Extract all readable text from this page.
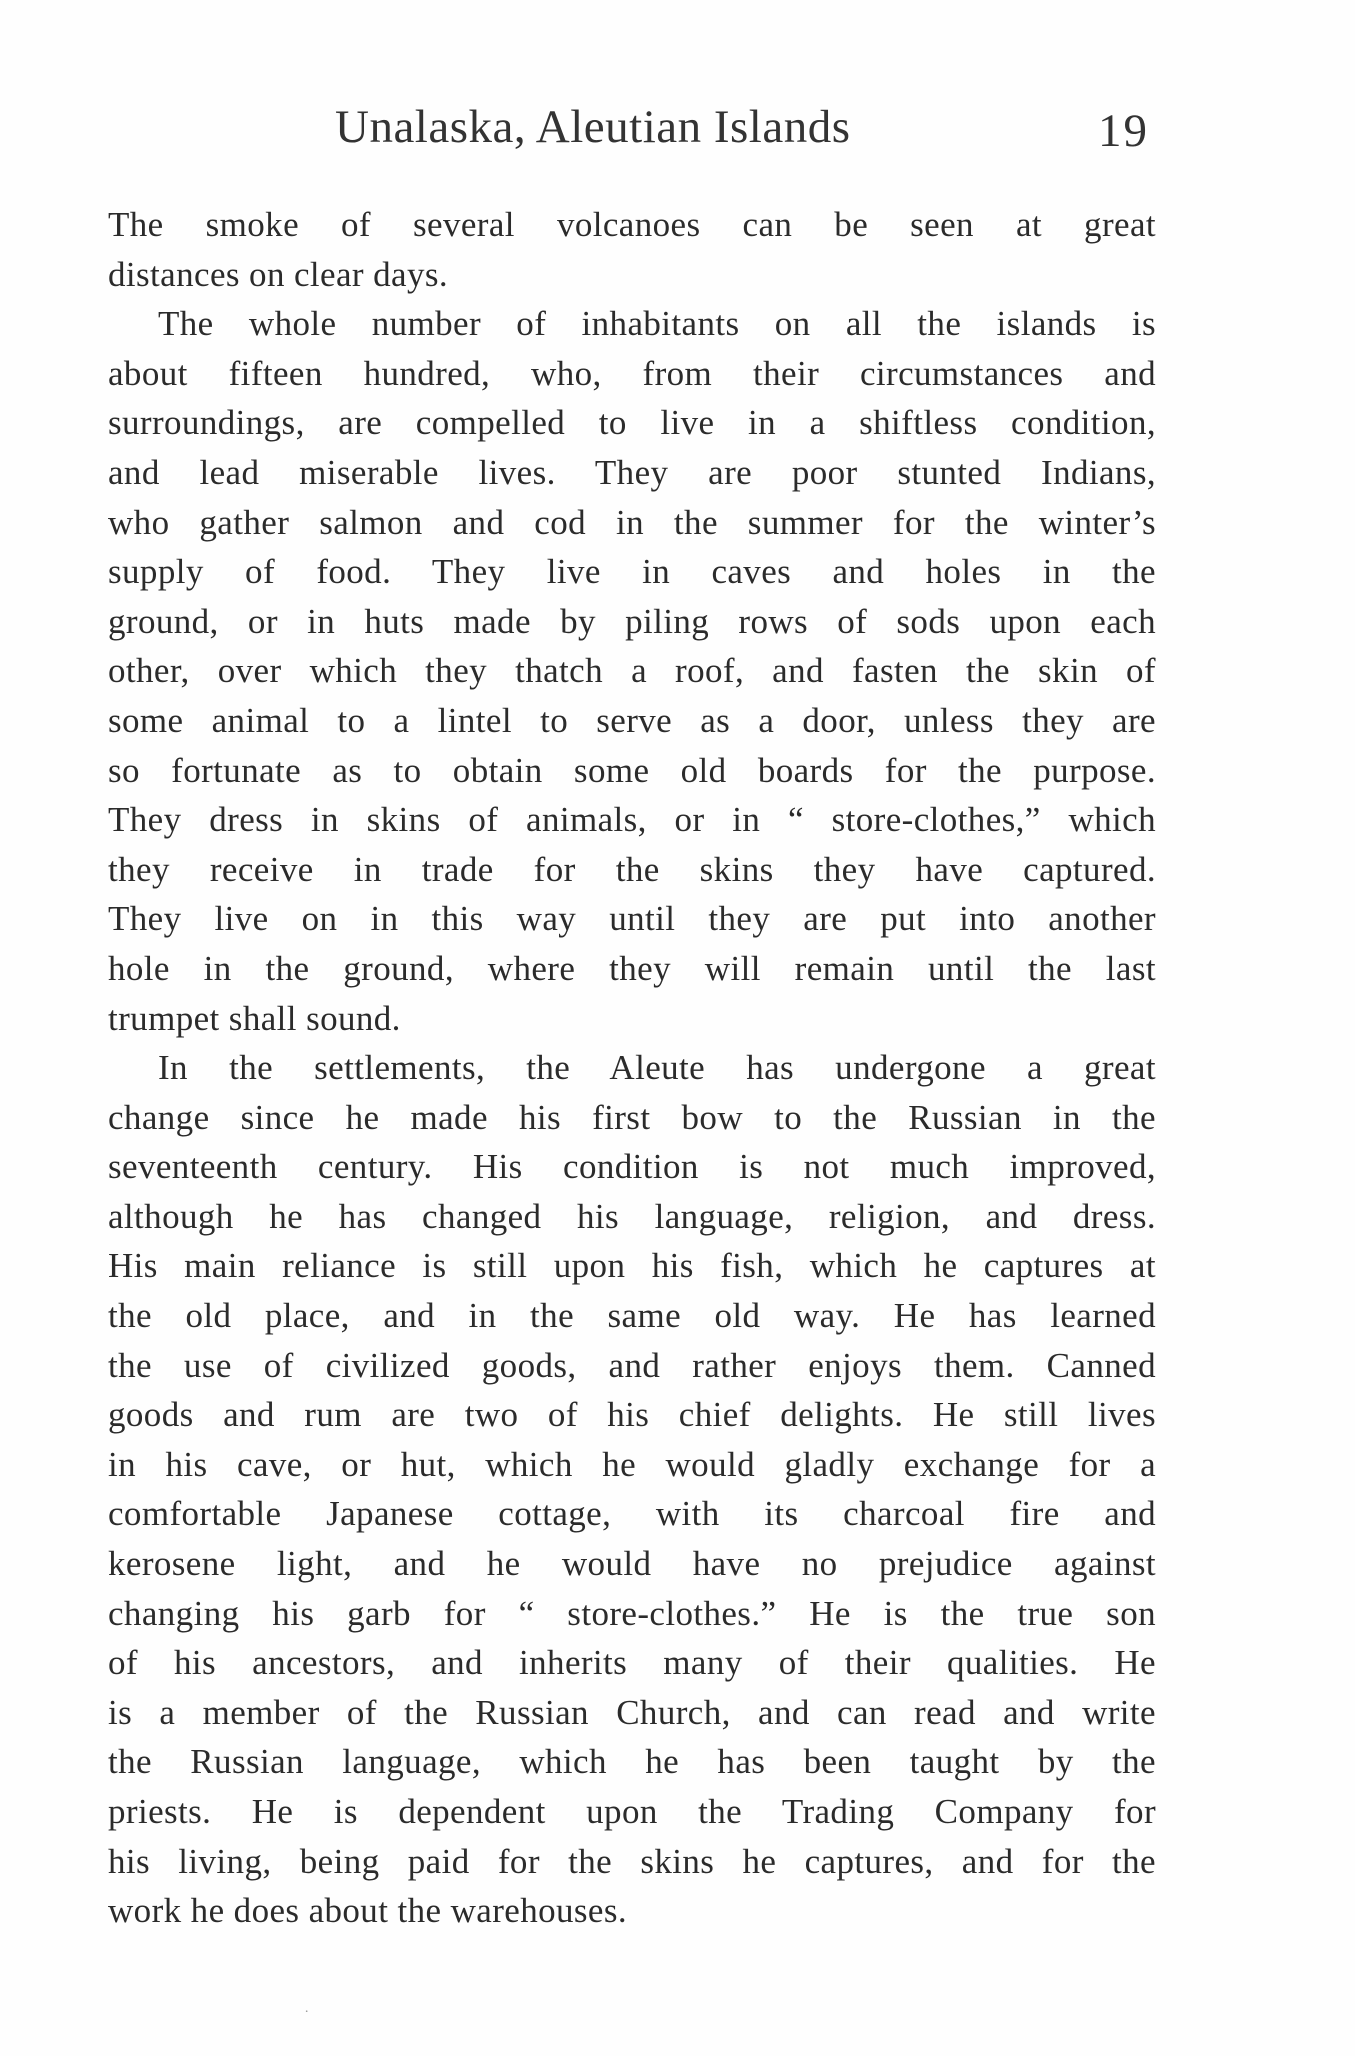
Unalaska, Aleutian Islands	19
The smoke of several volcanoes can be seen at great
distances on clear days.
The whole number of inhabitants on all the islands is
about fifteen hundred, who, from their circumstances and
surroundings, are compelled to live in a shiftless condition,
and lead miserable lives. They are poor stunted Indians,
who gather salmon and cod in the summer for the winter’s
supply of food. They live in caves and holes in the
ground, or in huts made by piling rows of sods upon each
other, over which they thatch a roof, and fasten the skin of
some animal to a lintel to serve as a door, unless they are
so fortunate as to obtain some old boards for the purpose.
They dress in skins of animals, or in “ store-clothes,” which
they receive in trade for the skins they have captured.
They live on in this way until they are put into another
hole in the ground, where they will remain until the last
trumpet shall sound.
In the settlements, the Aleute has undergone a great
change since he made his first bow to the Russian in the
seventeenth century. His condition is not much improved,
although he has changed his language, religion, and dress.
His main reliance is still upon his fish, which he captures at
the old place, and in the same old way. He has learned
the use of civilized goods, and rather enjoys them. Canned
goods and rum are two of his chief delights. He still lives
in his cave, or hut, which he would gladly exchange for a
comfortable Japanese cottage, with its charcoal fire and
kerosene light, and he would have no prejudice against
changing his garb for “ store-clothes.” He is the true son
of his ancestors, and inherits many of their qualities. He
is a member of the Russian Church, and can read and write
the Russian language, which he has been taught by the
priests. He is dependent upon the Trading Company for
his living, being paid for the skins he captures, and for the
work he does about the warehouses.
˙
